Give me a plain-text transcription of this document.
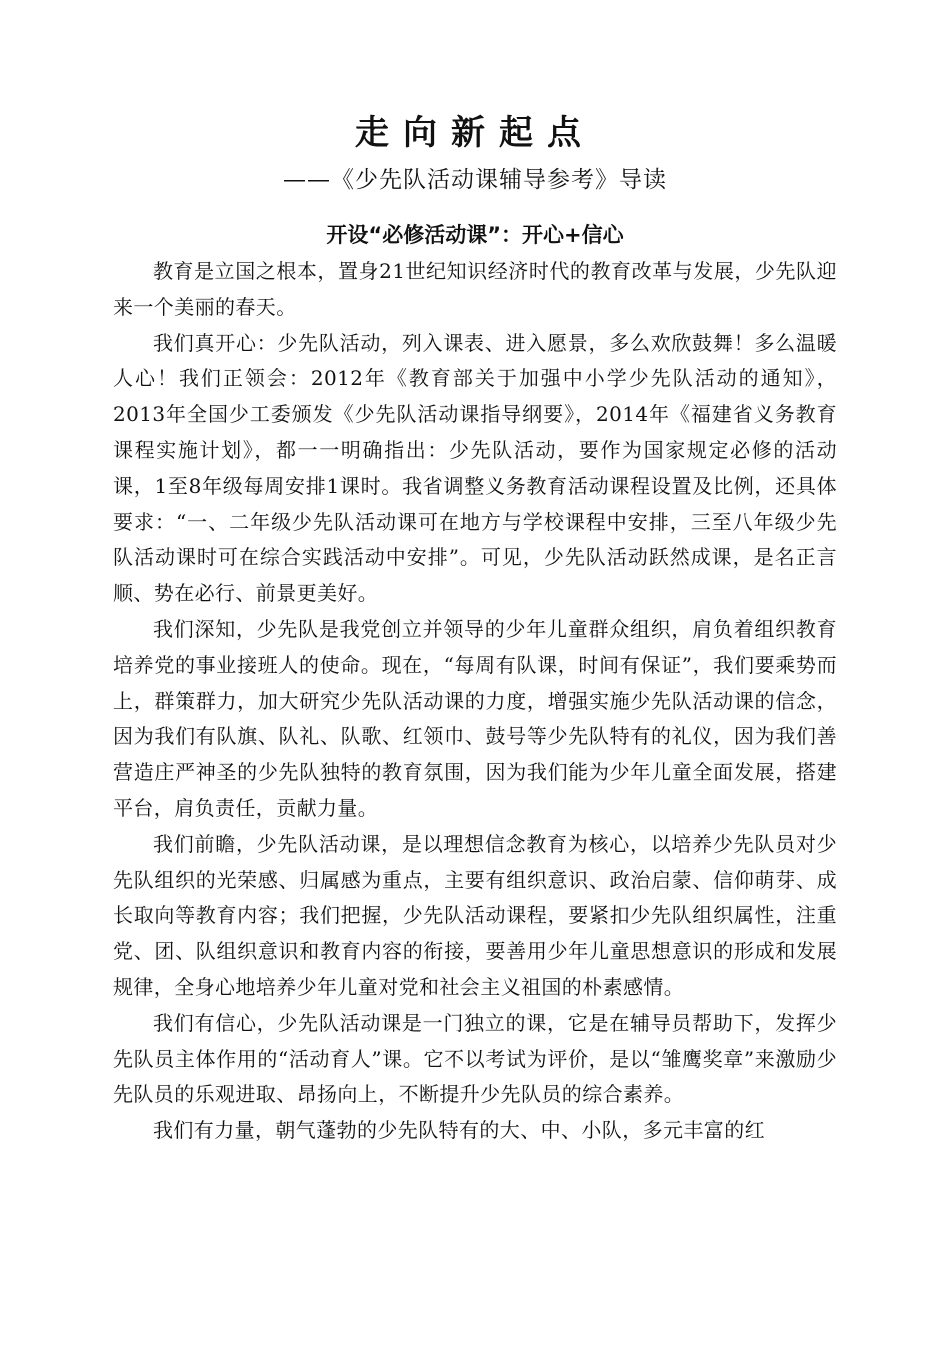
走向新起点
——《少先队活动课辅导参考》导读
开设“必修活动课”：开心+信心

教育是立国之根本，置身21世纪知识经济时代的教育改革与发展，少先队迎来一个美丽的春天。

我们真开心：少先队活动，列入课表、进入愿景，多么欢欣鼓舞！多么温暖人心！我们正领会：2012年《教育部关于加强中小学少先队活动的通知》，2013年全国少工委颁发《少先队活动课指导纲要》，2014年《福建省义务教育课程实施计划》，都一一明确指出：少先队活动，要作为国家规定必修的活动课，1至8年级每周安排1课时。我省调整义务教育活动课程设置及比例，还具体要求：“一、二年级少先队活动课可在地方与学校课程中安排，三至八年级少先队活动课时可在综合实践活动中安排”。可见，少先队活动跃然成课，是名正言顺、势在必行、前景更美好。

我们深知，少先队是我党创立并领导的少年儿童群众组织，肩负着组织教育培养党的事业接班人的使命。现在，“每周有队课，时间有保证”，我们要乘势而上，群策群力，加大研究少先队活动课的力度，增强实施少先队活动课的信念，因为我们有队旗、队礼、队歌、红领巾、鼓号等少先队特有的礼仪，因为我们善营造庄严神圣的少先队独特的教育氛围，因为我们能为少年儿童全面发展，搭建平台，肩负责任，贡献力量。

我们前瞻，少先队活动课，是以理想信念教育为核心，以培养少先队员对少先队组织的光荣感、归属感为重点，主要有组织意识、政治启蒙、信仰萌芽、成长取向等教育内容；我们把握，少先队活动课程，要紧扣少先队组织属性，注重党、团、队组织意识和教育内容的衔接，要善用少年儿童思想意识的形成和发展规律，全身心地培养少年儿童对党和社会主义祖国的朴素感情。

我们有信心，少先队活动课是一门独立的课，它是在辅导员帮助下，发挥少先队员主体作用的“活动育人”课。它不以考试为评价，是以“雏鹰奖章”来激励少先队员的乐观进取、昂扬向上，不断提升少先队员的综合素养。

我们有力量，朝气蓬勃的少先队特有的大、中、小队，多元丰富的红
